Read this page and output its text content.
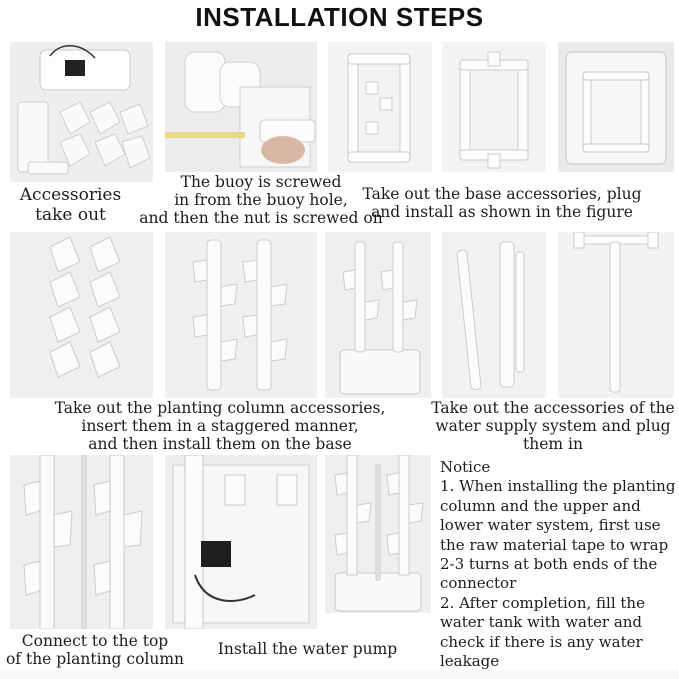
INSTALLATION STEPS
Accessories
take out
The buoy is screwed
in from the buoy hole,
and then the nut is screwed on
Take out the base accessories, plug
and install as shown in the figure
Take out the planting column accessories,
insert them in a staggered manner,
and then install them on the base
Take out the accessories of the
water supply system and plug
them in
Connect to the top
of the planting column
Install the water pump
Notice
1. When installing the planting
column and the upper and
lower water system, first use
the raw material tape to wrap
2-3 turns at both ends of the
connector
2. After completion, fill the
water tank with water and
check if there is any water
leakage
